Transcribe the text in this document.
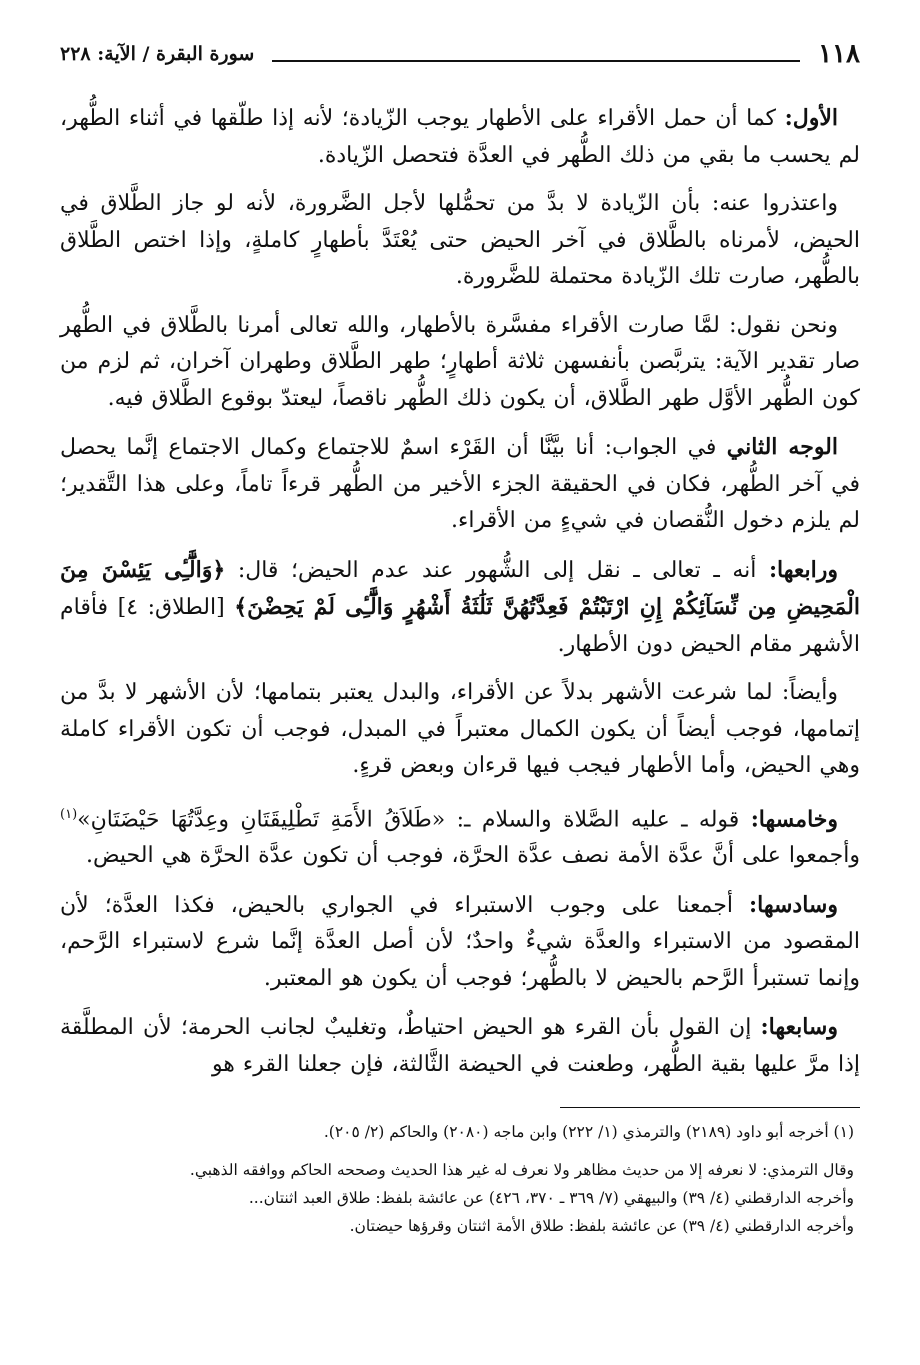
١١٨
سورة البقرة / الآية: ٢٢٨

الأول: كما أن حمل الأقراء على الأطهار يوجب الزّيادة؛ لأنه إذا طلّقها في أثناء الطُّهر، لم يحسب ما بقي من ذلك الطُّهر في العدَّة فتحصل الزّيادة.

واعتذروا عنه: بأن الزّيادة لا بدَّ من تحمُّلها لأجل الضَّرورة، لأنه لو جاز الطَّلاق في الحيض، لأمرناه بالطَّلاق في آخر الحيض حتى يُعْتَدَّ بأطهارٍ كاملةٍ، وإذا اختص الطَّلاق بالطُّهر، صارت تلك الزّيادة محتملة للضَّرورة.

ونحن نقول: لمَّا صارت الأقراء مفسَّرة بالأطهار، والله تعالى أمرنا بالطَّلاق في الطُّهر صار تقدير الآية: يتربَّصن بأنفسهن ثلاثة أطهارٍ؛ طهر الطَّلاق وطهران آخران، ثم لزم من كون الطُّهر الأوَّل طهر الطَّلاق، أن يكون ذلك الطُّهر ناقصاً، ليعتدّ بوقوع الطَّلاق فيه.

الوجه الثاني في الجواب: أنا بيَّنَّا أن القَرْء اسمٌ للاجتماع وكمال الاجتماع إنَّما يحصل في آخر الطُّهر، فكان في الحقيقة الجزء الأخير من الطُّهر قرءاً تاماً، وعلى هذا التَّقدير؛ لم يلزم دخول النُّقصان في شيءٍ من الأقراء.

ورابعها: أنه ـ تعالى ـ نقل إلى الشُّهور عند عدم الحيض؛ قال: ﴿وَالَّٰٓـِٔى يَئِسْنَ مِنَ الْمَحِيضِ مِن نِّسَآئِكُمْ إِنِ ارْتَبْتُمْ فَعِدَّتُهُنَّ ثَلَٰثَةُ أَشْهُرٍ وَالَّٰٓـِٔى لَمْ يَحِضْنَ﴾ [الطلاق: ٤] فأقام الأشهر مقام الحيض دون الأطهار.

وأيضاً: لما شرعت الأشهر بدلاً عن الأقراء، والبدل يعتبر بتمامها؛ لأن الأشهر لا بدَّ من إتمامها، فوجب أيضاً أن يكون الكمال معتبراً في المبدل، فوجب أن تكون الأقراء كاملة وهي الحيض، وأما الأطهار فيجب فيها قرءان وبعض قرءٍ.

وخامسها: قوله ـ عليه الصَّلاة والسلام ـ: «طَلاَقُ الأَمَةِ تَطْلِيقَتَانِ وعِدَّتُهَا حَيْضَتَانِ»$^{(١)}$ وأجمعوا على أنَّ عدَّة الأمة نصف عدَّة الحرَّة، فوجب أن تكون عدَّة الحرَّة هي الحيض.

وسادسها: أجمعنا على وجوب الاستبراء في الجواري بالحيض، فكذا العدَّة؛ لأن المقصود من الاستبراء والعدَّة شيءٌ واحدٌ؛ لأن أصل العدَّة إنَّما شرع لاستبراء الرَّحم، وإنما تستبرأ الرَّحم بالحيض لا بالطُّهر؛ فوجب أن يكون هو المعتبر.

وسابعها: إن القول بأن القرء هو الحيض احتياطٌ، وتغليبٌ لجانب الحرمة؛ لأن المطلَّقة إذا مرَّ عليها بقية الطُّهر، وطعنت في الحيضة الثَّالثة، فإن جعلنا القرء هو

(١) أخرجه أبو داود (٢١٨٩) والترمذي (١/ ٢٢٢) وابن ماجه (٢٠٨٠) والحاكم (٢/ ٢٠٥).

وقال الترمذي: لا نعرفه إلا من حديث مظاهر ولا نعرف له غير هذا الحديث وصححه الحاكم ووافقه الذهبي.

وأخرجه الدارقطني (٤/ ٣٩) والبيهقي (٧/ ٣٦٩ ـ ٣٧٠، ٤٢٦) عن عائشة بلفظ: طلاق العبد اثنتان...

وأخرجه الدارقطني (٤/ ٣٩) عن عائشة بلفظ: طلاق الأمة اثنتان وقرؤها حيضتان.
